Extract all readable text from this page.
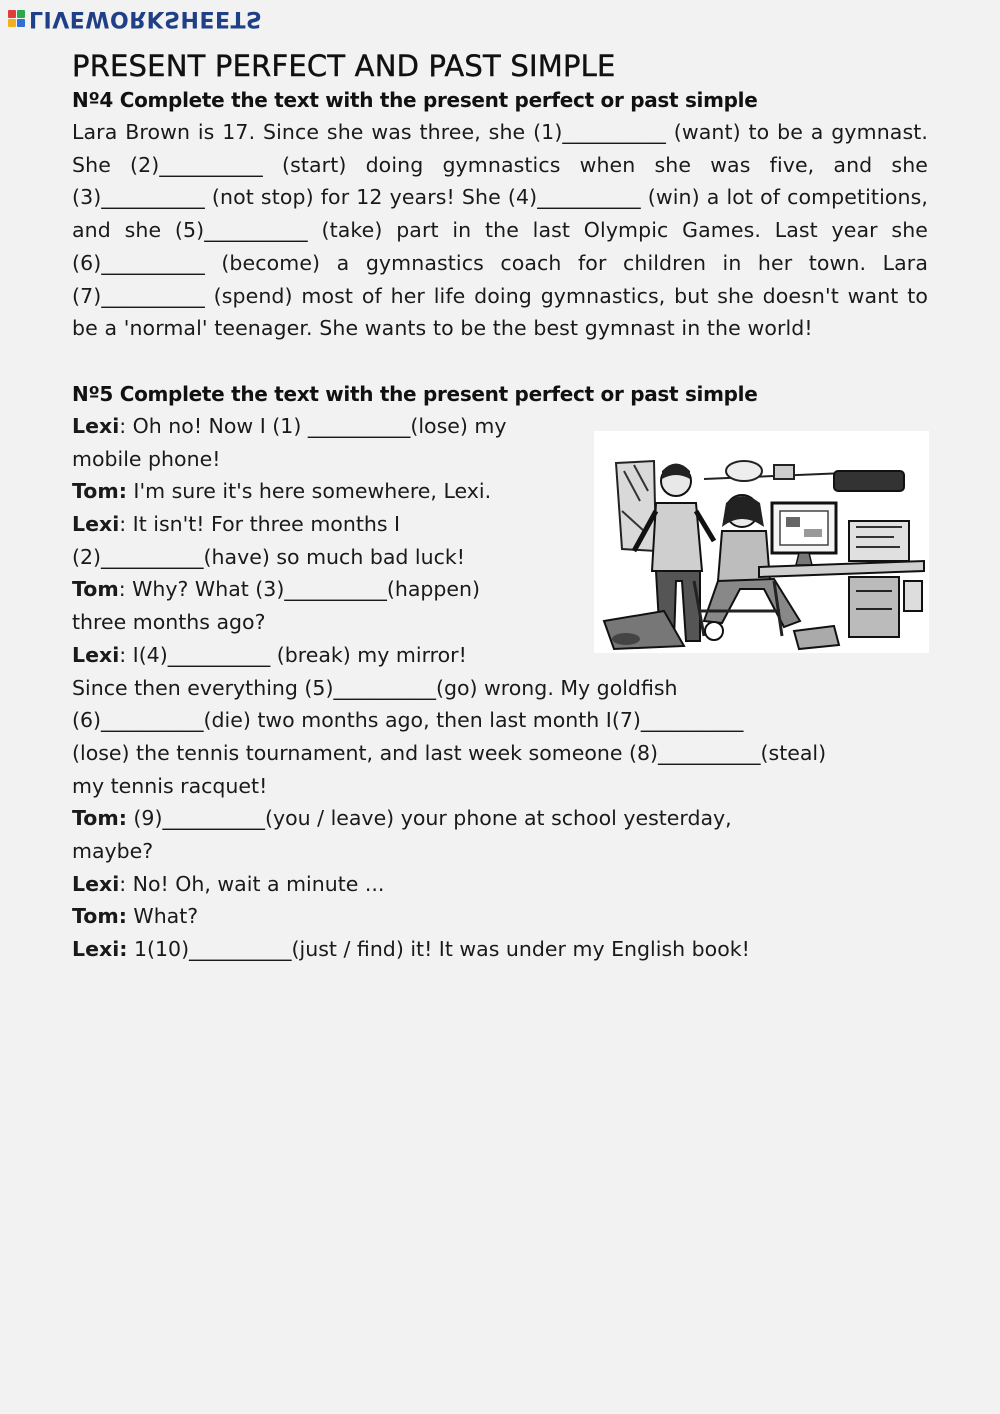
LIVEWORKSHEETS
PRESENT PERFECT AND PAST SIMPLE
Nº4 Complete the text with the present perfect or past simple

Lara Brown is 17. Since she was three, she (1)__________ (want) to be a gymnast. She (2)__________ (start) doing gymnastics when she was five, and she (3)__________ (not stop) for 12 years! She (4)__________ (win) a lot of competitions, and she (5)__________ (take) part in the last Olympic Games. Last year she (6)__________ (become) a gymnastics coach for children in her town. Lara (7)__________ (spend) most of her life doing gymnastics, but she doesn't want to be a 'normal' teenager. She wants to be the best gymnast in the world!

Nº5 Complete the text with the present perfect or past simple
Lexi: Oh no! Now I (1) __________(lose) my
mobile phone!
Tom: I'm sure it's here somewhere, Lexi.
Lexi: It isn't! For three months I
(2)__________(have) so much bad luck!
Tom: Why? What (3)__________(happen)
three months ago?
Lexi: I(4)__________ (break) my mirror!
Since then everything (5)__________(go) wrong. My goldfish
(6)__________(die) two months ago, then last month I(7)__________
(lose) the tennis tournament, and last week someone (8)__________(steal)
my tennis racquet!
Tom: (9)__________(you / leave) your phone at school yesterday,
maybe?
Lexi: No! Oh, wait a minute ...
Tom: What?
Lexi: 1(10)__________(just / find) it! It was under my English book!
